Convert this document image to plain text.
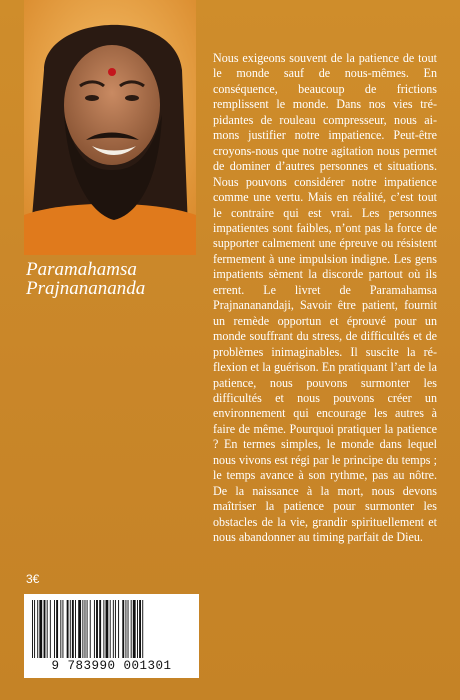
Paramahamsa
Prajnanananda

Nous exigeons souvent de la patience de tout le monde sauf de nous-mêmes. En conséquence, beaucoup de frictions remplissent le monde. Dans nos vies trépidantes de rouleau compresseur, nous aimons justifier notre impatience. Peut-être croyons-nous que notre agitation nous permet de dominer d’autres personnes et situations. Nous pouvons considérer notre impatience comme une vertu. Mais en réalité, c’est tout le contraire qui est vrai. Les personnes impatientes sont faibles, n’ont pas la force de supporter calmement une épreuve ou résistent fermement à une impulsion indigne. Les gens impatients sèment la discorde partout où ils errent. Le livret de Paramahamsa Prajnananandaji, Savoir être patient, fournit un remède opportun et éprouvé pour un monde souffrant du stress, de difficultés et de problèmes inimaginables. Il suscite la réflexion et la guérison. En pratiquant l’art de la patience, nous pouvons surmonter les difficultés et nous pouvons créer un environnement qui encourage les autres à faire de même. Pourquoi pratiquer la patience ? En termes simples, le monde dans lequel nous vivons est régi par le principe du temps ; le temps avance à son rythme, pas au nôtre. De la naissance à la mort, nous devons maîtriser la patience pour surmonter les obstacles de la vie, grandir spirituellement et nous abandonner au timing parfait de Dieu.

3€
9 783990 001301
